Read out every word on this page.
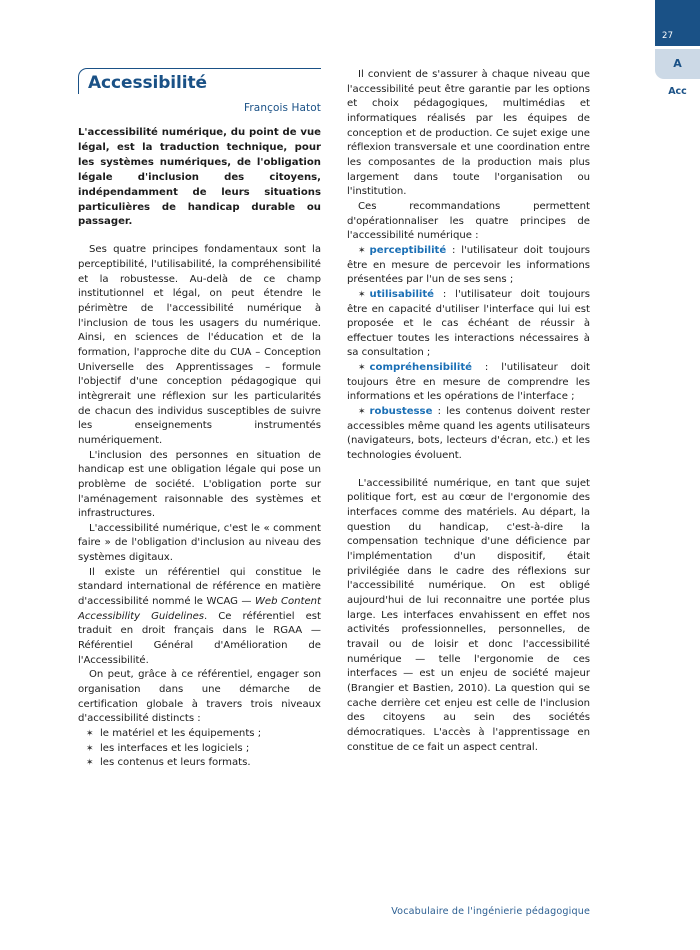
27
A
Acc
Accessibilité
François Hatot

L'accessibilité numérique, du point de vue légal, est la traduction technique, pour les systèmes numériques, de l'obligation légale d'inclusion des citoyens, indépendamment de leurs situations particulières de handicap durable ou passager.

Ses quatre principes fondamentaux sont la perceptibilité, l'utilisabilité, la compréhensibilité et la robustesse. Au-delà de ce champ institutionnel et légal, on peut étendre le périmètre de l'accessibilité numérique à l'inclusion de tous les usagers du numérique. Ainsi, en sciences de l'éducation et de la formation, l'approche dite du CUA – Conception Universelle des Apprentissages – formule l'objectif d'une conception pédagogique qui intègrerait une réflexion sur les particularités de chacun des individus susceptibles de suivre les enseignements instrumentés numériquement.

L'inclusion des personnes en situation de handicap est une obligation légale qui pose un problème de société. L'obligation porte sur l'aménagement raisonnable des systèmes et infrastructures.

L'accessibilité numérique, c'est le « comment faire » de l'obligation d'inclusion au niveau des systèmes digitaux.

Il existe un référentiel qui constitue le standard international de référence en matière d'accessibilité nommé le WCAG — Web Content Accessibility Guidelines. Ce référentiel est traduit en droit français dans le RGAA — Référentiel Général d'Amélioration de l'Accessibilité.

On peut, grâce à ce référentiel, engager son organisation dans une démarche de certification globale à travers trois niveaux d'accessibilité distincts :

✶ le matériel et les équipements ;
✶ les interfaces et les logiciels ;
✶ les contenus et leurs formats.

Il convient de s'assurer à chaque niveau que l'accessibilité peut être garantie par les options et choix pédagogiques, multimédias et informatiques réalisés par les équipes de conception et de production. Ce sujet exige une réflexion transversale et une coordination entre les composantes de la production mais plus largement dans toute l'organisation ou l'institution.

Ces recommandations permettent d'opérationnaliser les quatre principes de l'accessibilité numérique :

✶ perceptibilité : l'utilisateur doit toujours être en mesure de percevoir les informations présentées par l'un de ses sens ;
✶ utilisabilité : l'utilisateur doit toujours être en capacité d'utiliser l'interface qui lui est proposée et le cas échéant de réussir à effectuer toutes les interactions nécessaires à sa consultation ;
✶ compréhensibilité : l'utilisateur doit toujours être en mesure de comprendre les informations et les opérations de l'interface ;
✶ robustesse : les contenus doivent rester accessibles même quand les agents utilisateurs (navigateurs, bots, lecteurs d'écran, etc.) et les technologies évoluent.

L'accessibilité numérique, en tant que sujet politique fort, est au cœur de l'ergonomie des interfaces comme des matériels. Au départ, la question du handicap, c'est-à-dire la compensation technique d'une déficience par l'implémentation d'un dispositif, était privilégiée dans le cadre des réflexions sur l'accessibilité numérique. On est obligé aujourd'hui de lui reconnaitre une portée plus large. Les interfaces envahissent en effet nos activités professionnelles, personnelles, de travail ou de loisir et donc l'accessibilité numérique — telle l'ergonomie de ces interfaces — est un enjeu de société majeur (Brangier et Bastien, 2010). La question qui se cache derrière cet enjeu est celle de l'inclusion des citoyens au sein des sociétés démocratiques. L'accès à l'apprentissage en constitue de ce fait un aspect central.

Vocabulaire de l'ingénierie pédagogique
